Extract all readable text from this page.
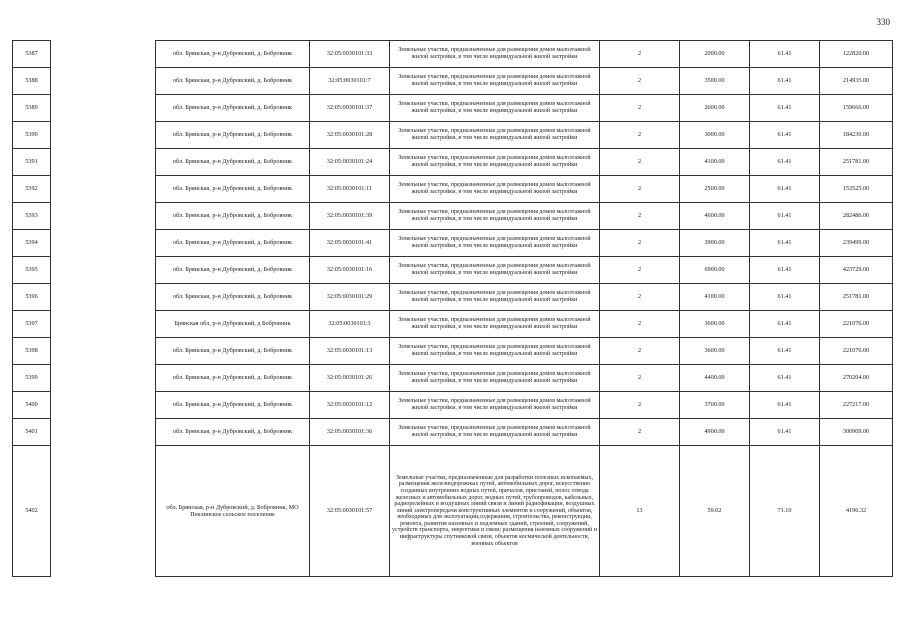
330
5387		обл. Брянская, р-н Дубровский, д. Бобровник	32:05:0030101:33	Земельные участки, предназначенные для размещения домов малоэтажной жилой застройки, в том числе индивидуальной жилой застройки	2	2000.00	61.41	122820.00
5388		обл. Брянская, р-н Дубровский, д. Бобровник	32:05:0030101:7	Земельные участки, предназначенные для размещения домов малоэтажной жилой застройки, в том числе индивидуальной жилой застройки	2	3500.00	61.41	214935.00
5389		обл. Брянская, р-н Дубровский, д. Бобровник	32:05:0030101:37	Земельные участки, предназначенные для размещения домов малоэтажной жилой застройки, в том числе индивидуальной жилой застройки	2	2600.00	61.41	159666.00
5390		обл. Брянская, р-н Дубровский, д. Бобровник	32:05:0030101:28	Земельные участки, предназначенные для размещения домов малоэтажной жилой застройки, в том числе индивидуальной жилой застройки	2	3000.00	61.41	184230.00
5391		обл. Брянская, р-н Дубровский, д. Бобровник	32:05:0030101:24	Земельные участки, предназначенные для размещения домов малоэтажной жилой застройки, в том числе индивидуальной жилой застройки	2	4100.00	61.41	251781.00
5392		обл. Брянская, р-н Дубровский, д. Бобровник	32:05:0030101:11	Земельные участки, предназначенные для размещения домов малоэтажной жилой застройки, в том числе индивидуальной жилой застройки	2	2500.00	61.41	153525.00
5393		обл. Брянская, р-н Дубровский, д. Бобровник	32:05:0030101:39	Земельные участки, предназначенные для размещения домов малоэтажной жилой застройки, в том числе индивидуальной жилой застройки	2	4600.00	61.41	282486.00
5394		обл. Брянская, р-н Дубровский, д. Бобровник	32:05:0030101:41	Земельные участки, предназначенные для размещения домов малоэтажной жилой застройки, в том числе индивидуальной жилой застройки	2	3900.00	61.41	239499.00
5395		обл. Брянская, р-н Дубровский, д. Бобровник	32:05:0030101:16	Земельные участки, предназначенные для размещения домов малоэтажной жилой застройки, в том числе индивидуальной жилой застройки	2	6900.00	61.41	423729.00
5396		обл. Брянская, р-н Дубровский, д. Бобровник	32:05:0030101:29	Земельные участки, предназначенные для размещения домов малоэтажной жилой застройки, в том числе индивидуальной жилой застройки	2	4100.00	61.41	251781.00
5397		Брянская обл, р-н Дубровский, д Бобровник	32:05:0030101:3	Земельные участки, предназначенные для размещения домов малоэтажной жилой застройки, в том числе индивидуальной жилой застройки	2	3600.00	61.41	221076.00
5398		обл. Брянская, р-н Дубровский, д. Бобровник	32:05:0030101:13	Земельные участки, предназначенные для размещения домов малоэтажной жилой застройки, в том числе индивидуальной жилой застройки	2	3600.00	61.41	221076.00
5399		обл. Брянская, р-н Дубровский, д. Бобровник	32:05:0030101:26	Земельные участки, предназначенные для размещения домов малоэтажной жилой застройки, в том числе индивидуальной жилой застройки	2	4400.00	61.41	270204.00
5400		обл. Брянская, р-н Дубровский, д. Бобровник	32:05:0030101:12	Земельные участки, предназначенные для размещения домов малоэтажной жилой застройки, в том числе индивидуальной жилой застройки	2	3700.00	61.41	227217.00
5401		обл. Брянская, р-н Дубровский, д. Бобровник	32:05:0030101:36	Земельные участки, предназначенные для размещения домов малоэтажной жилой застройки, в том числе индивидуальной жилой застройки	2	4900.00	61.41	300909.00
5402		обл. Брянская, р-н Дубровский, д. Бобровник, МО Пеклинское сельское поселение	32:05:0030101:57	Земельные участки, предназначенные для разработки полезных ископаемых, размещения железнодорожных путей, автомобильных дорог, искусственно созданных внутренних водных путей, причалов, пристаней, полос отвода железных и автомобильных дорог, водных путей, трубопроводов, кабельных, радиорелейных и воздушных линий связи и линий радиофикации, воздушных линий электропередачи конструктивных элементов и сооружений, объектов, необходимых для эксплуатации,содержания, строительства, реконструкции, ремонта, развития наземных и подземных зданий, строений, сооружений, устройств транспорта, энергетики и связи; размещения наземных сооружений и инфраструктуры спутниковой связи, объектов космической деятельности, военных объектов	13	59.02	71.10	4196.32
